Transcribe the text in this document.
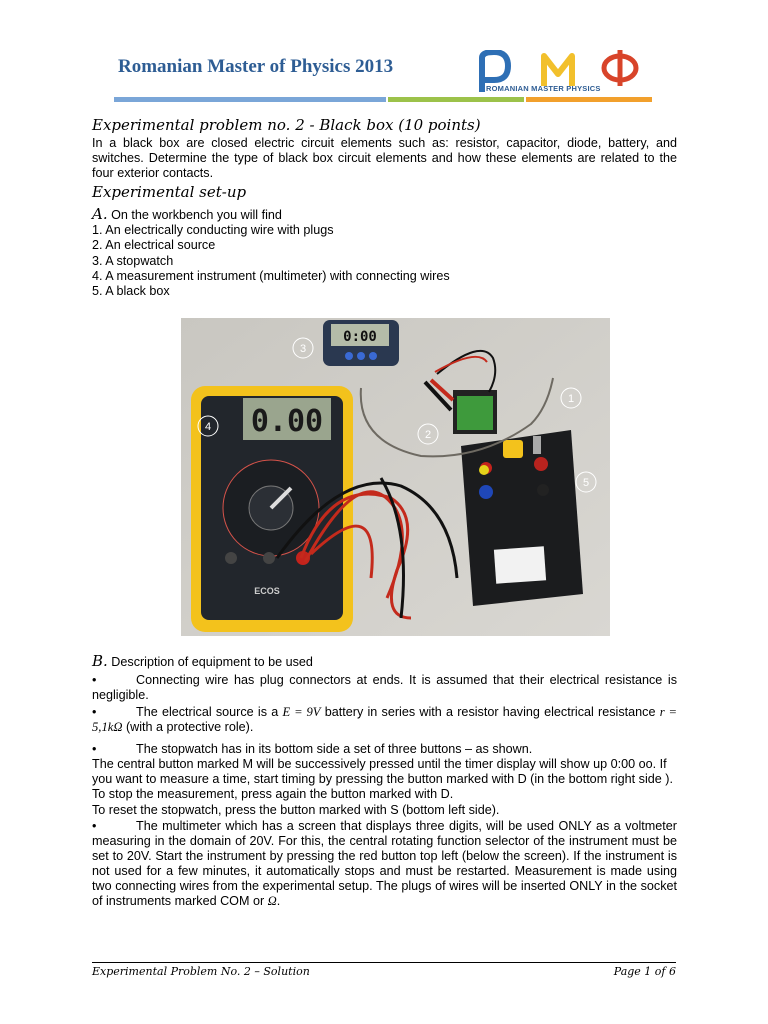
Romanian Master of Physics 2013
ROMANIAN MASTER PHYSICS
Experimental problem no. 2 - Black box (10 points)
In a black box are closed electric circuit elements such as: resistor, capacitor, diode, battery, and switches. Determine the type of black box circuit elements and how these elements are related to the four exterior contacts.
Experimental set-up
A. On the workbench you will find
1. An electrically conducting wire with plugs
2. An electrical source
3. A stopwatch
4. A measurement instrument (multimeter) with connecting wires
5. A black box
0.00
ECOS
0:00
1
2
3
4
5
B. Description of equipment to be used
•	Connecting wire has plug connectors at ends. It is assumed that their electrical resistance is negligible.
•	The electrical source is a E = 9V battery in series with a resistor having electrical resistance r = 5,1kΩ (with a protective role).
•	The stopwatch has in its bottom side a set of three buttons – as shown.
The central button marked M will be successively pressed until the timer display will show up 0:00 oo. If you want to measure a time, start timing by pressing the button marked with D (in the bottom right side ). To stop the measurement, press again the button marked with D.
To reset the stopwatch, press the button marked with S (bottom left side).
•	The multimeter which has a screen that displays three digits, will be used ONLY as a voltmeter measuring in the domain of 20V. For this, the central rotating function selector of the instrument must be set to 20V. Start the instrument by pressing the red button top left (below the screen). If the instrument is not used for a few minutes, it automatically stops and must be restarted. Measurement is made using two connecting wires from the experimental setup. The plugs of wires will be inserted ONLY in the socket of instruments marked COM or Ω.
Experimental Problem No. 2 – Solution	Page 1 of 6
